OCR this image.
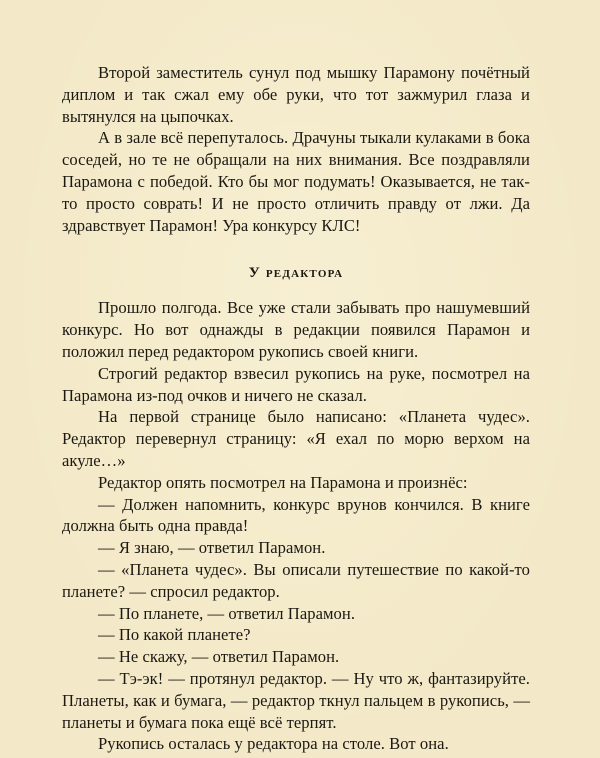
Второй заместитель сунул под мышку Парамону почётный диплом и так сжал ему обе руки, что тот зажмурил глаза и вытянулся на цыпочках.

А в зале всё перепуталось. Драчуны тыкали кулаками в бока соседей, но те не обращали на них внимания. Все поздравляли Парамона с победой. Кто бы мог подумать! Оказывается, не так-то просто соврать! И не просто отличить правду от лжи. Да здравствует Парамон! Ура конкурсу КЛС!

У редактора

Прошло полгода. Все уже стали забывать про нашумевший конкурс. Но вот однажды в редакции появился Парамон и положил перед редактором рукопись своей книги.

Строгий редактор взвесил рукопись на руке, посмотрел на Парамона из-под очков и ничего не сказал.

На первой странице было написано: «Планета чудес». Редактор перевернул страницу: «Я ехал по морю верхом на акуле…»

Редактор опять посмотрел на Парамона и произнёс:

— Должен напомнить, конкурс врунов кончился. В книге должна быть одна правда!

— Я знаю, — ответил Парамон.

— «Планета чудес». Вы описали путешествие по какой-то планете? — спросил редактор.

— По планете, — ответил Парамон.

— По какой планете?

— Не скажу, — ответил Парамон.

— Тэ-эк! — протянул редактор. — Ну что ж, фантазируйте. Планеты, как и бумага, — редактор ткнул пальцем в рукопись, — планеты и бумага пока ещё всё терпят.

Рукопись осталась у редактора на столе. Вот она.
